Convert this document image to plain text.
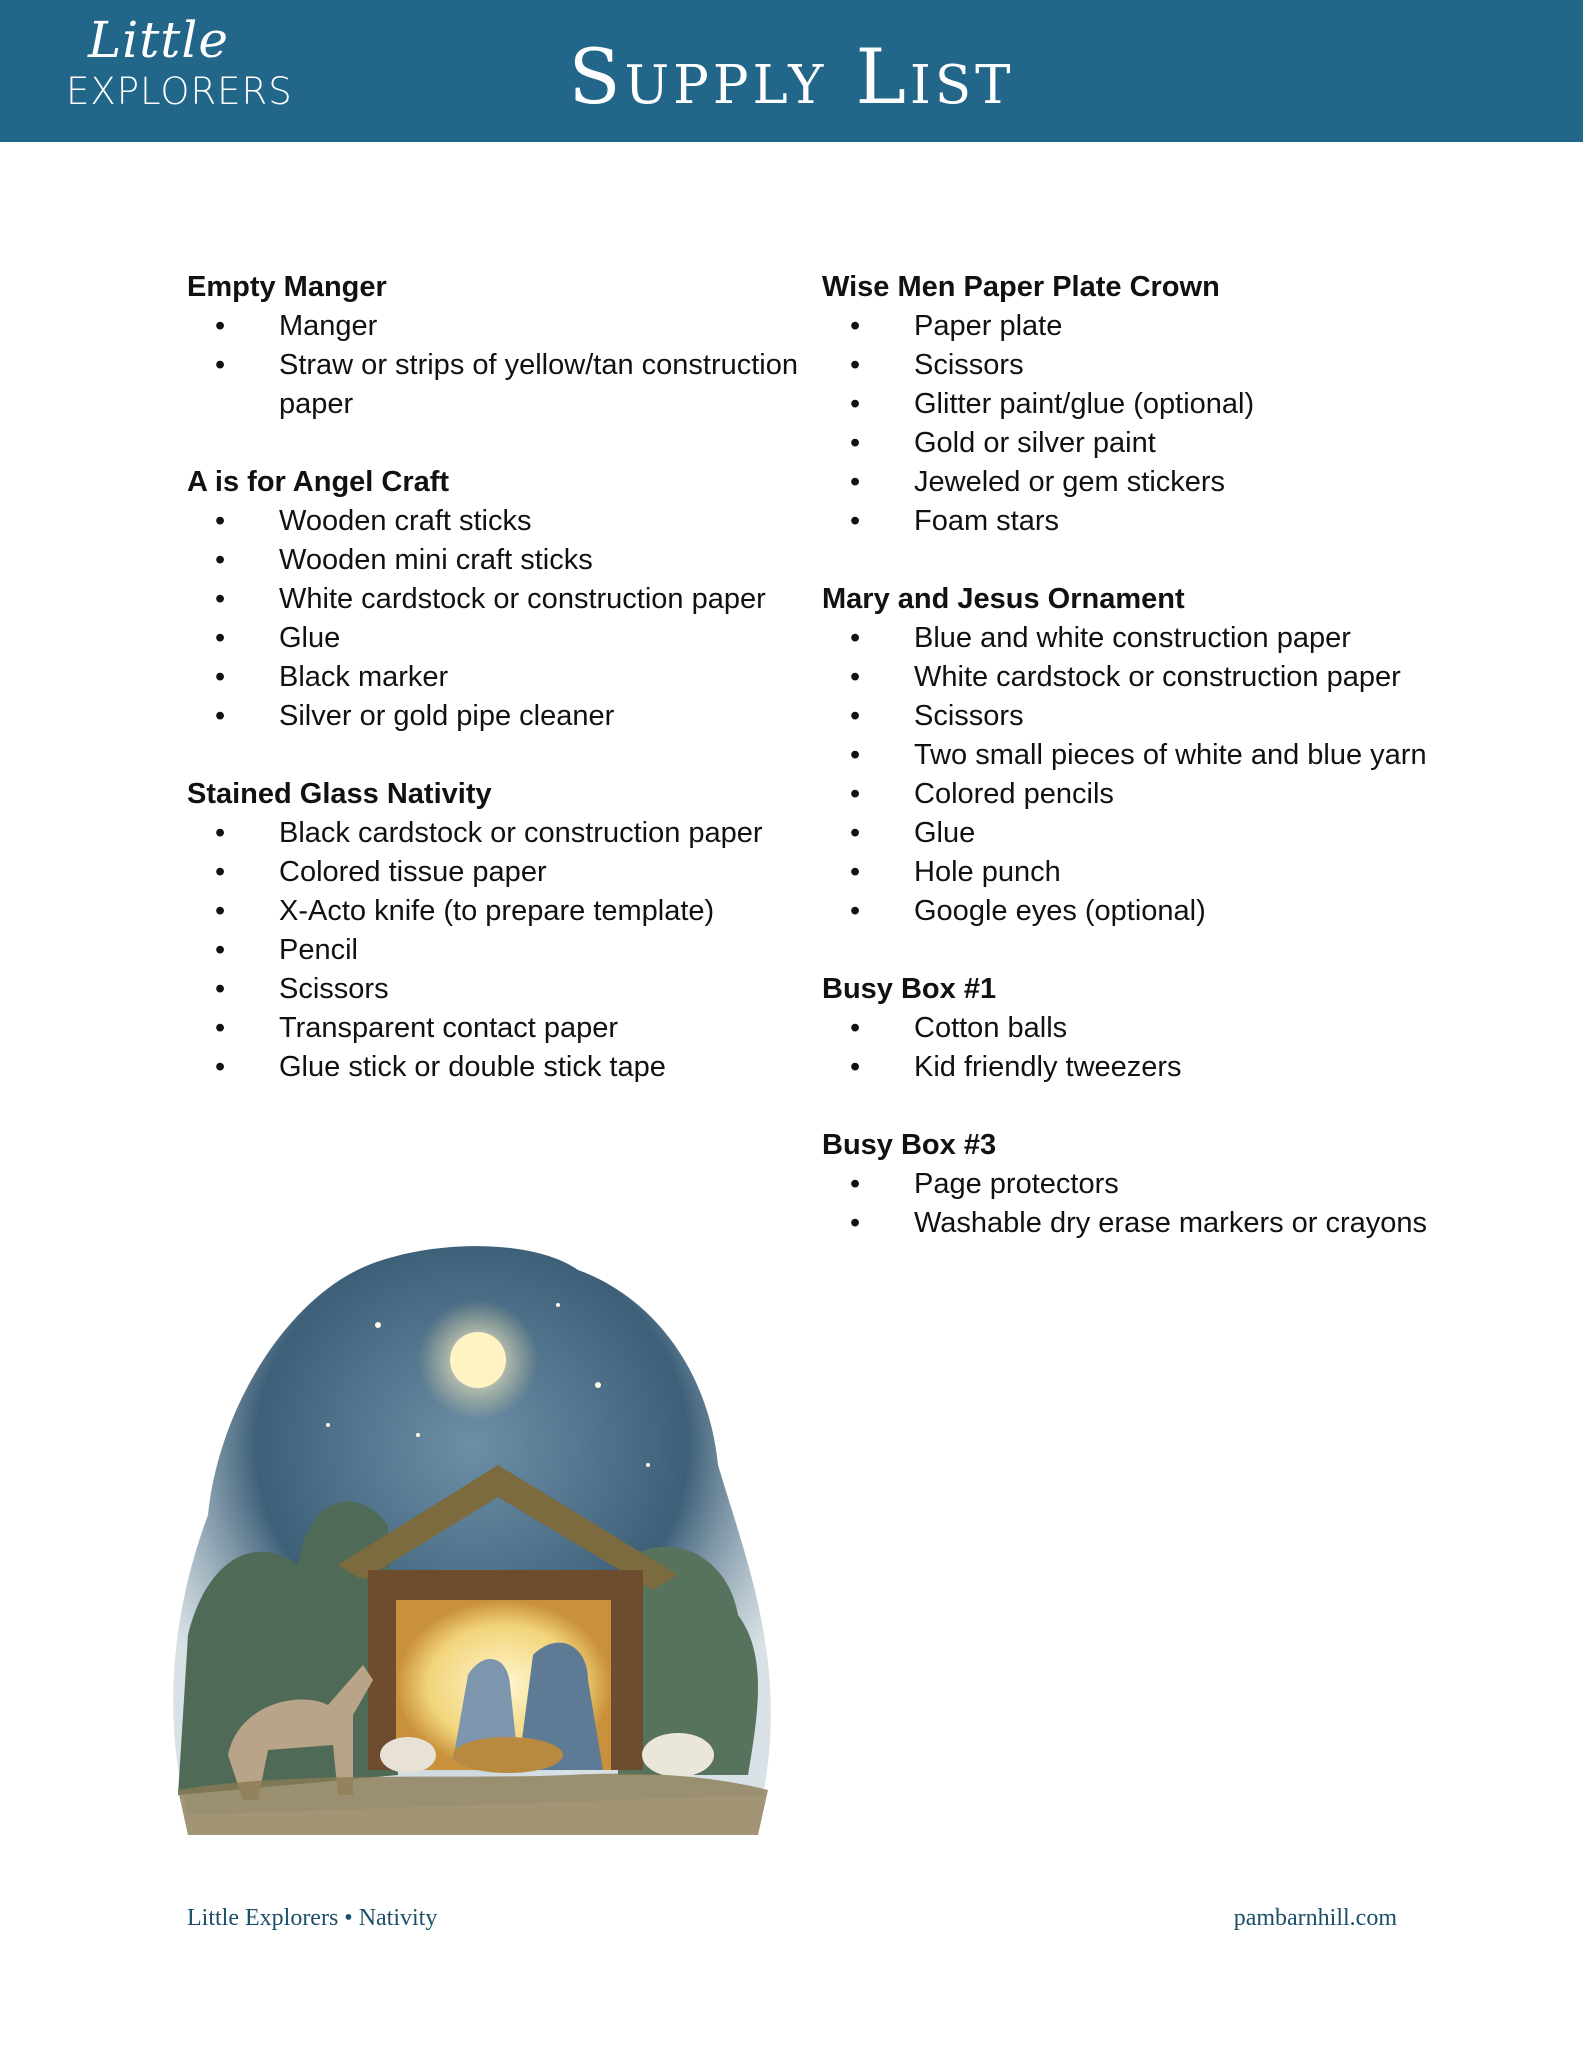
Little
EXPLORERS	Supply List

Empty Manger

• Manger
• Straw or strips of yellow/tan construction paper

A is for Angel Craft

• Wooden craft sticks
• Wooden mini craft sticks
• White cardstock or construction paper
• Glue
• Black marker
• Silver or gold pipe cleaner

Stained Glass Nativity

• Black cardstock or construction paper
• Colored tissue paper
• X-Acto knife (to prepare template)
• Pencil
• Scissors
• Transparent contact paper
• Glue stick or double stick tape

Wise Men Paper Plate Crown

• Paper plate
• Scissors
• Glitter paint/glue (optional)
• Gold or silver paint
• Jeweled or gem stickers
• Foam stars

Mary and Jesus Ornament

• Blue and white construction paper
• White cardstock or construction paper
• Scissors
• Two small pieces of white and blue yarn
• Colored pencils
• Glue
• Hole punch
• Google eyes (optional)

Busy Box #1

• Cotton balls
• Kid friendly tweezers

Busy Box #3

• Page protectors
• Washable dry erase markers or crayons
Little Explorers • Nativity	pambarnhill.com
